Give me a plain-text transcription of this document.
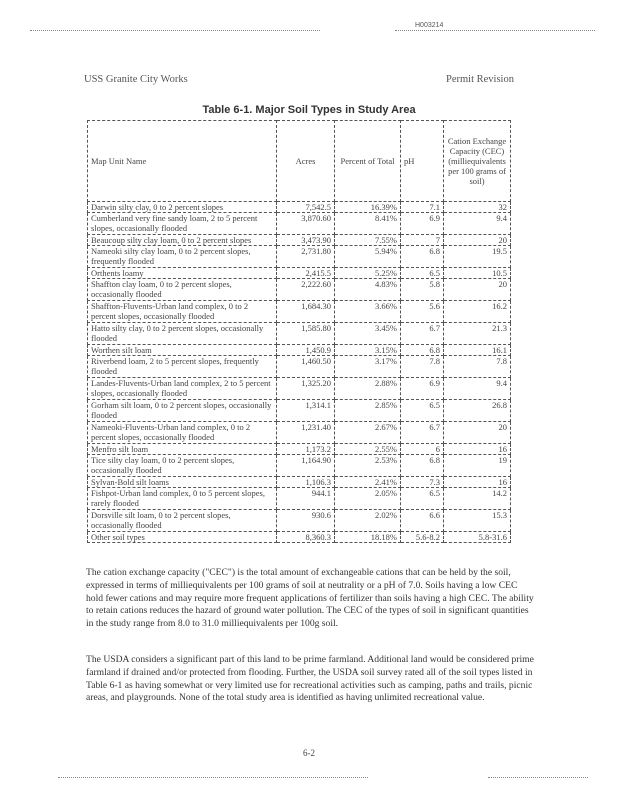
H003214
USS Granite City Works	Permit Revision
Table 6-1. Major Soil Types in Study Area
Map Unit Name	Acres	Percent of Total	pH	Cation Exchange Capacity (CEC) (milliequivalents per 100 grams of soil)
Darwin silty clay, 0 to 2 percent slopes	7,542.5	16.39%	7.1	32
Cumberland very fine sandy loam, 2 to 5 percent slopes, occasionally flooded	3,870.60	8.41%	6.9	9.4
Beaucoup silty clay loam, 0 to 2 percent slopes	3,473.90	7.55%	7	20
Nameoki silty clay loam, 0 to 2 percent slopes, frequently flooded	2,731.80	5.94%	6.8	19.5
Orthents loamy	2,415.5	5.25%	6.5	10.5
Shaffton clay loam, 0 to 2 percent slopes, occasionally flooded	2,222.60	4.83%	5.8	20
Shaffton-Fluvents-Urban land complex, 0 to 2 percent slopes, occasionally flooded	1,684.30	3.66%	5.6	16.2
Hatto silty clay, 0 to 2 percent slopes, occasionally flooded	1,585.80	3.45%	6.7	21.3
Worthen silt loam	1,450.9	3.15%	6.8	16.1
Riverbend loam, 2 to 5 percent slopes, frequently flooded	1,460.50	3.17%	7.8	7.8
Landes-Fluvents-Urban land complex, 2 to 5 percent slopes, occasionally flooded	1,325.20	2.88%	6.9	9.4
Gorham silt loam, 0 to 2 percent slopes, occasionally flooded	1,314.1	2.85%	6.5	26.8
Nameoki-Fluvents-Urban land complex, 0 to 2 percent slopes, occasionally flooded	1,231.40	2.67%	6.7	20
Menfro silt loam	1,173.2	2.55%	6	16
Tice silty clay loam, 0 to 2 percent slopes, occasionally flooded	1,164.90	2.53%	6.8	19
Sylvan-Bold silt loams	1,106.3	2.41%	7.3	16
Fishpot-Urban land complex, 0 to 5 percent slopes, rarely flooded	944.1	2.05%	6.5	14.2
Dorsville silt loam, 0 to 2 percent slopes, occasionally flooded	930.6	2.02%	6.6	15.3
Other soil types	8,360.3	18.18%	5.6-8.2	5.8-31.6
The cation exchange capacity ("CEC") is the total amount of exchangeable cations that can be held by the soil, expressed in terms of milliequivalents per 100 grams of soil at neutrality or a pH of 7.0. Soils having a low CEC hold fewer cations and may require more frequent applications of fertilizer than soils having a high CEC. The ability to retain cations reduces the hazard of ground water pollution. The CEC of the types of soil in significant quantities in the study range from 8.0 to 31.0 milliequivalents per 100g soil.
The USDA considers a significant part of this land to be prime farmland. Additional land would be considered prime farmland if drained and/or protected from flooding. Further, the USDA soil survey rated all of the soil types listed in Table 6-1 as having somewhat or very limited use for recreational activities such as camping, paths and trails, picnic areas, and playgrounds. None of the total study area is identified as having unlimited recreational value.
6-2
